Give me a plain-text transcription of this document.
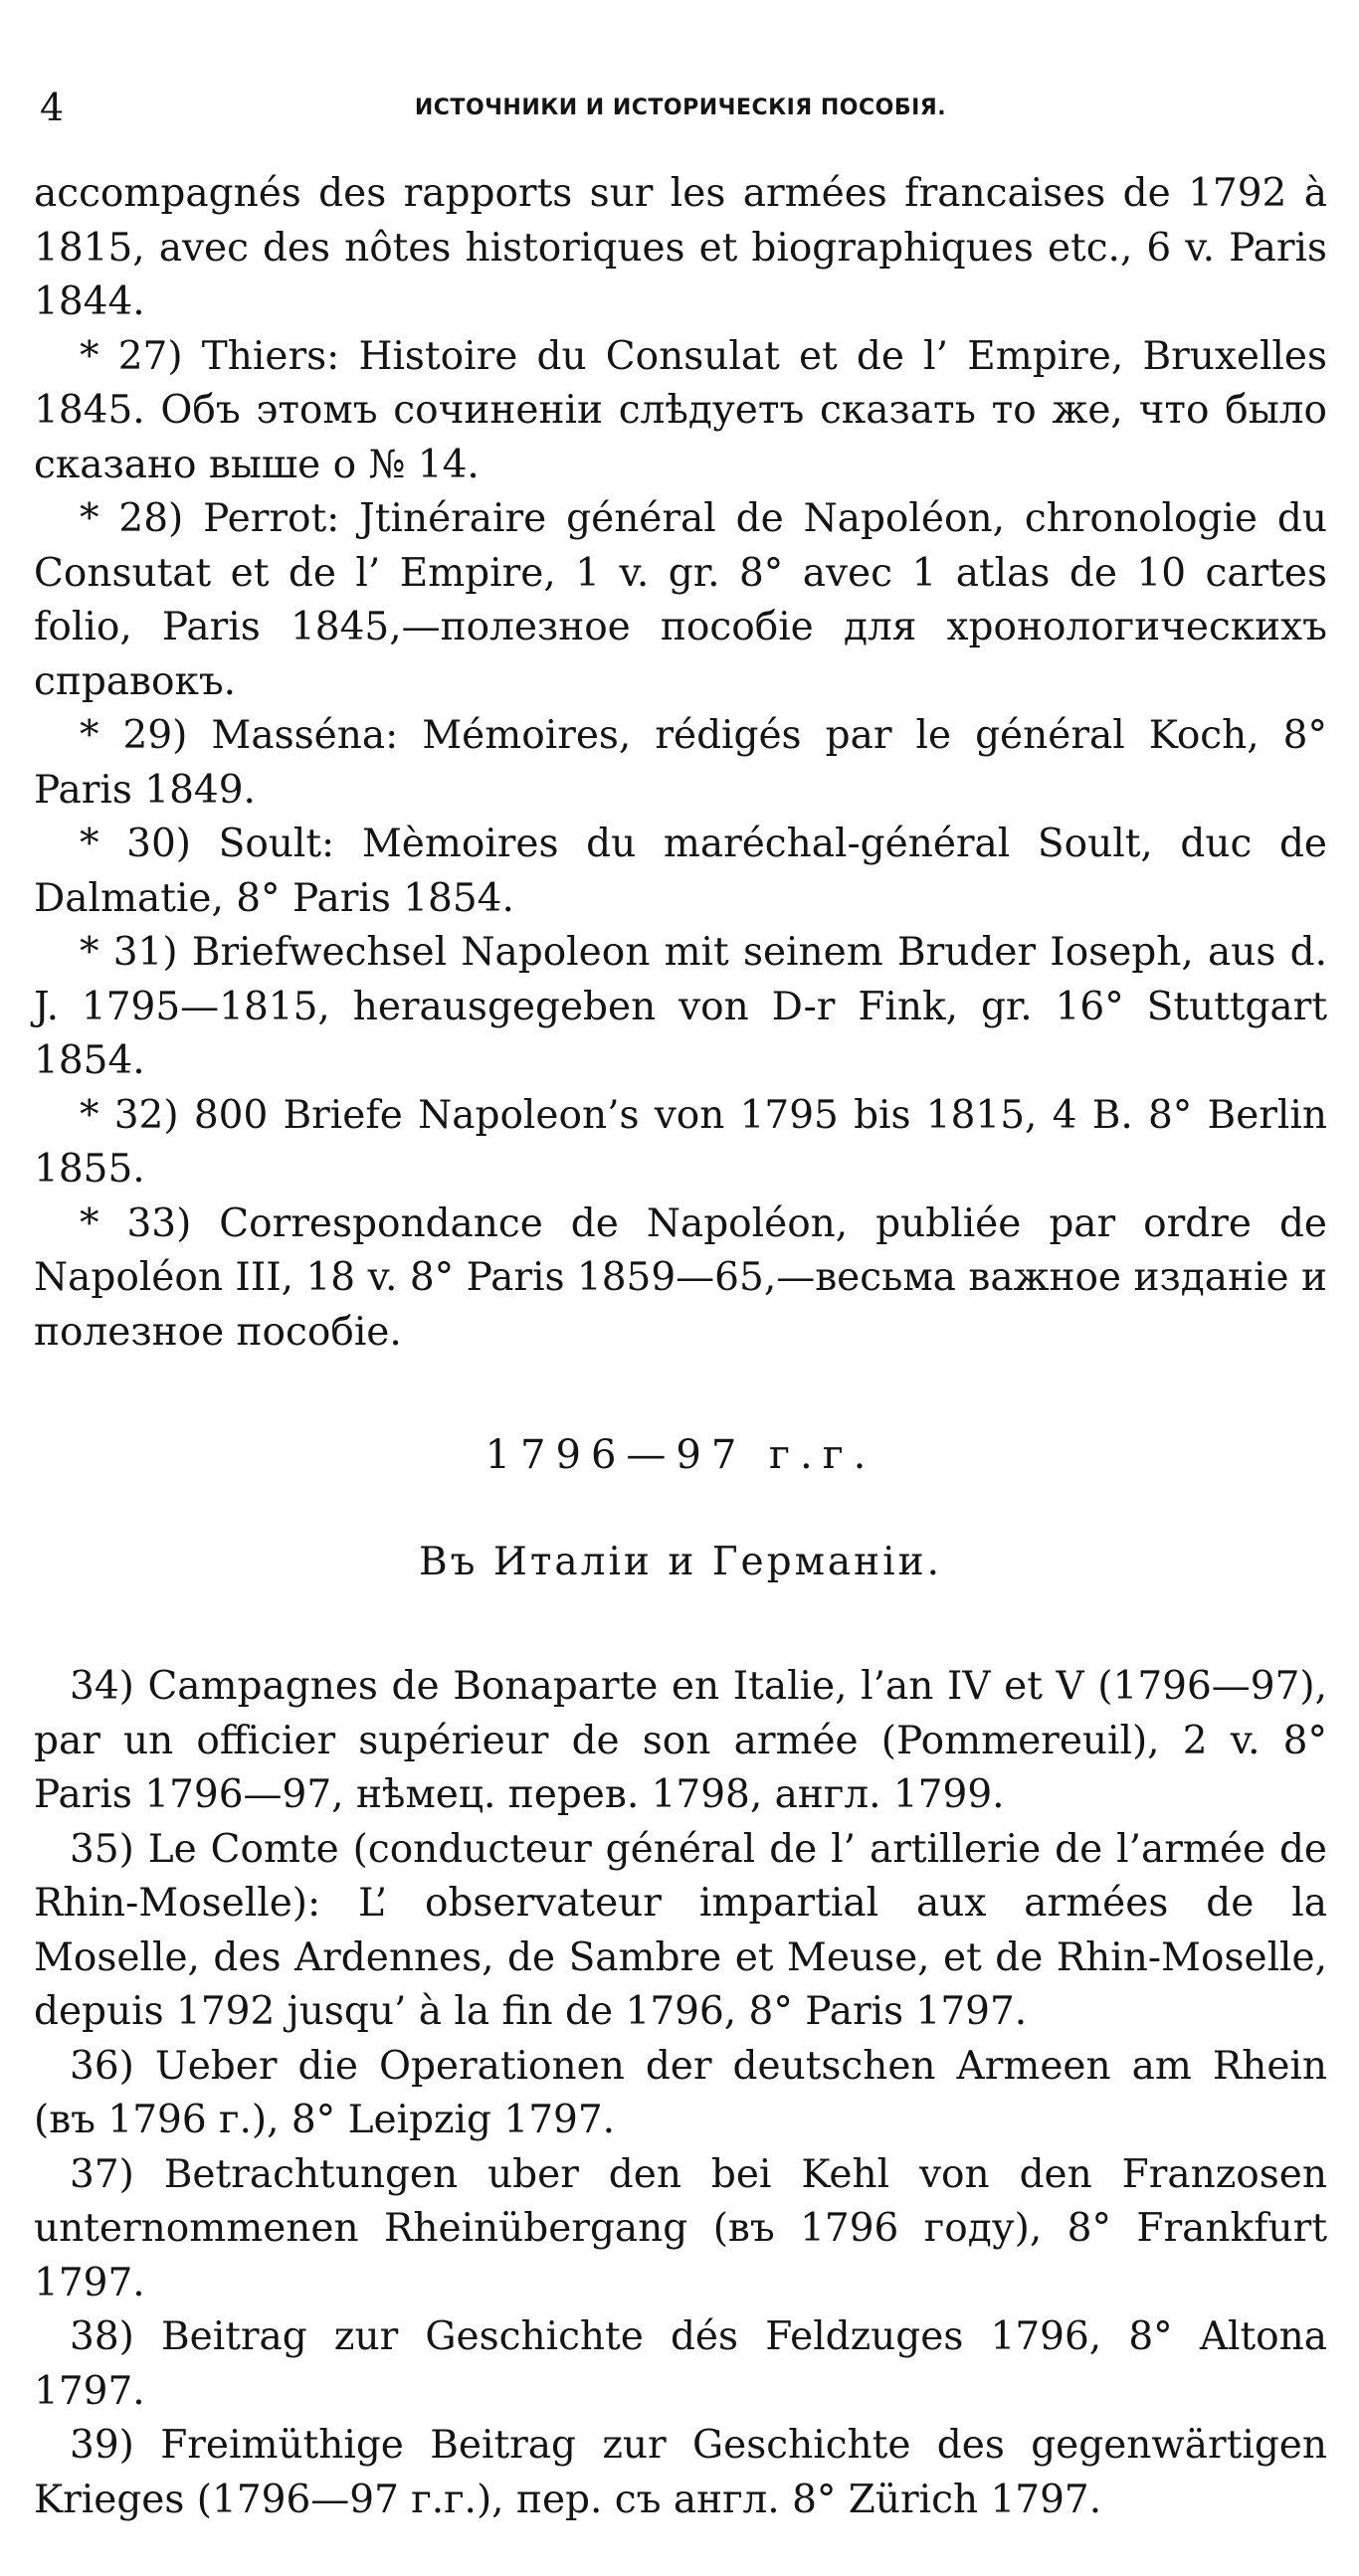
4	ИСТОЧНИКИ И ИСТОРИЧЕСКІЯ ПОСОБІЯ.

accompagnés des rapports sur les armées francaises de 1792 à 1815, avec des nôtes historiques et biographiques etc., 6 v. Paris 1844.

* 27) Thiers: Histoire du Consulat et de l’ Empire, Bruxelles 1845. Объ этомъ сочиненіи слѣдуетъ сказать то же, что было сказано выше о № 14.

* 28) Perrot: Jtinéraire général de Napoléon, chronologie du Consutat et de l’ Empire, 1 v. gr. 8° avec 1 atlas de 10 cartes folio, Paris 1845,—полезное пособіе для хронологическихъ справокъ.

* 29) Masséna: Mémoires, rédigés par le général Koch, 8° Paris 1849.

* 30) Soult: Mèmoires du maréchal-général Soult, duc de Dalmatie, 8° Paris 1854.

* 31) Briefwechsel Napoleon mit seinem Bruder Ioseph, aus d. J. 1795—1815, herausgegeben von D-r Fink, gr. 16° Stuttgart 1854.

* 32) 800 Briefe Napoleon’s von 1795 bis 1815, 4 B. 8° Berlin 1855.

* 33) Correspondance de Napoléon, publiée par ordre de Napoléon III, 18 v. 8° Paris 1859—65,—весьма важное изданіе и полезное пособіе.

1796—97 г.г.
Въ Италіи и Германіи.

34) Campagnes de Bonaparte en Italie, l’an IV et V (1796—97), par un officier supérieur de son armée (Pommereuil), 2 v. 8° Paris 1796—97, нѣмец. перев. 1798, англ. 1799.

35) Le Comte (conducteur général de l’ artillerie de l’armée de Rhin-Moselle): L’ observateur impartial aux armées de la Moselle, des Ardennes, de Sambre et Meuse, et de Rhin-Moselle, depuis 1792 jusqu’ à la fin de 1796, 8° Paris 1797.

36) Ueber die Operationen der deutschen Armeen am Rhein (въ 1796 г.), 8° Leipzig 1797.

37) Betrachtungen uber den bei Kehl von den Franzosen unternommenen Rheinübergang (въ 1796 году), 8° Frankfurt 1797.

38) Beitrag zur Geschichte dés Feldzuges 1796, 8° Altona 1797.

39) Freimüthige Beitrag zur Geschichte des gegenwärtigen Krieges (1796—97 г.г.), пер. съ англ. 8° Zürich 1797.
